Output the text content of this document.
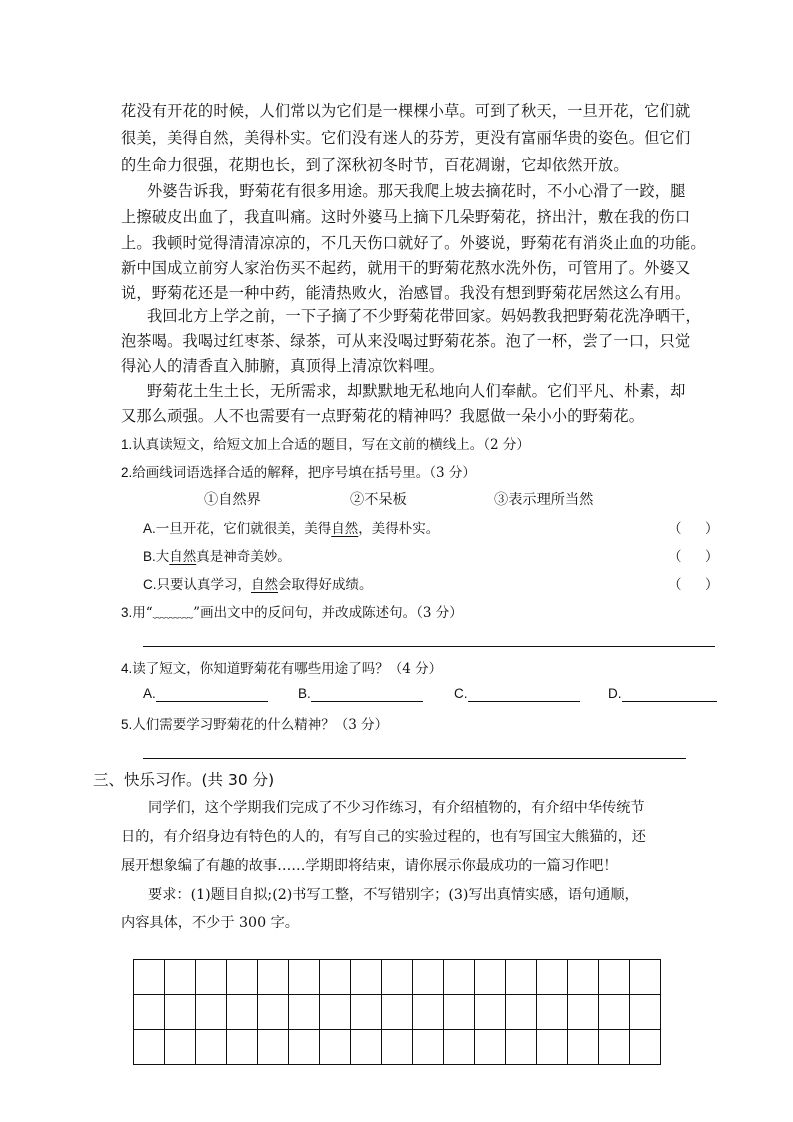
花没有开花的时候，人们常以为它们是一棵棵小草。可到了秋天，一旦开花，它们就
很美，美得自然，美得朴实。它们没有迷人的芬芳，更没有富丽华贵的姿色。但它们
的生命力很强，花期也长，到了深秋初冬时节，百花凋谢，它却依然开放。
外婆告诉我，野菊花有很多用途。那天我爬上坡去摘花时，不小心滑了一跤，腿
上擦破皮出血了，我直叫痛。这时外婆马上摘下几朵野菊花，挤出汁，敷在我的伤口
上。我顿时觉得清清凉凉的，不几天伤口就好了。外婆说，野菊花有消炎止血的功能。
新中国成立前穷人家治伤买不起药，就用干的野菊花熬水洗外伤，可管用了。外婆又
说，野菊花还是一种中药，能清热败火，治感冒。我没有想到野菊花居然这么有用。
我回北方上学之前，一下子摘了不少野菊花带回家。妈妈教我把野菊花洗净晒干，
泡茶喝。我喝过红枣茶、绿茶，可从来没喝过野菊花茶。泡了一杯，尝了一口，只觉
得沁人的清香直入肺腑，真顶得上清凉饮料哩。
野菊花土生土长，无所需求，却默默地无私地向人们奉献。它们平凡、朴素，却
又那么顽强。人不也需要有一点野菊花的精神吗？我愿做一朵小小的野菊花。
1.认真读短文，给短文加上合适的题目，写在文前的横线上。（2 分）
2.给画线词语选择合适的解释，把序号填在括号里。（3 分）
①自然界	②不呆板	③表示理所当然
A.一旦开花，它们就很美，美得自然，美得朴实。	（ ）
B.大自然真是神奇美妙。	（ ）
C.只要认真学习，自然会取得好成绩。	（ ）
3.用“﹏﹏﹏”画出文中的反问句，并改成陈述句。（3 分）
4.读了短文，你知道野菊花有哪些用途了吗？（4 分）
A.	B.	C.	D.
5.人们需要学习野菊花的什么精神？（3 分）
三、快乐习作。(共 30 分)
同学们，这个学期我们完成了不少习作练习，有介绍植物的，有介绍中华传统节
日的，有介绍身边有特色的人的，有写自己的实验过程的，也有写国宝大熊猫的，还
展开想象编了有趣的故事……学期即将结束，请你展示你最成功的一篇习作吧！
要求：(1)题目自拟;(2)书写工整，不写错别字；(3)写出真情实感，语句通顺，
内容具体，不少于 300 字。
